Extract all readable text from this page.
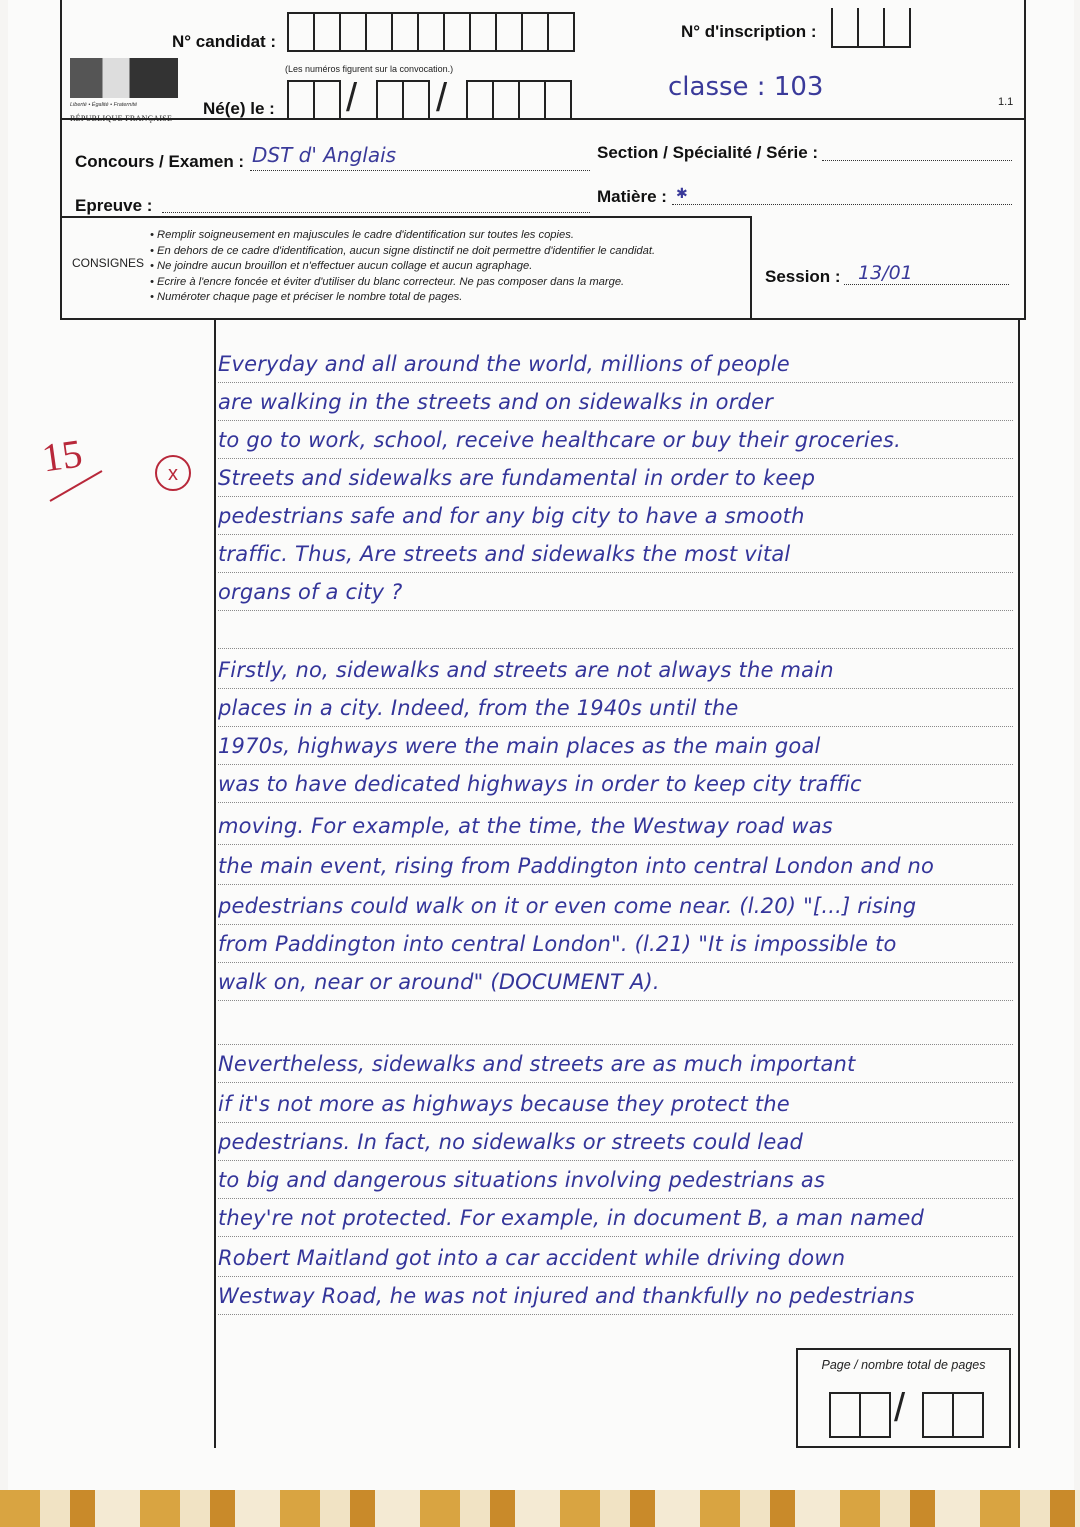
Liberté • Égalité • Fraternité
RÉPUBLIQUE FRANÇAISE
N° candidat :
(Les numéros figurent sur la convocation.)
Né(e) le : / /
N° d'inscription :
classe : 103	1.1
Concours / Examen : DST d' Anglais	Section / Spécialité / Série :
Epreuve :	Matière : ✱
CONSIGNES
• Remplir soigneusement en majuscules le cadre d'identification sur toutes les copies.
• En dehors de ce cadre d'identification, aucun signe distinctif ne doit permettre d'identifier le candidat.
• Ne joindre aucun brouillon et n'effectuer aucun collage et aucun agraphage.
• Ecrire à l'encre foncée et éviter d'utiliser du blanc correcteur. Ne pas composer dans la marge.
• Numéroter chaque page et préciser le nombre total de pages.
Session : 13/01
15	x
Everyday and all around the world, millions of people
are walking in the streets and on sidewalks in order
to go to work, school, receive healthcare or buy their groceries.
Streets and sidewalks are fundamental in order to keep
pedestrians safe and for any big city to have a smooth
traffic. Thus, Are streets and sidewalks the most vital
organs of a city ?
Firstly, no, sidewalks and streets are not always the main
places in a city. Indeed, from the 1940s until the
1970s, highways were the main places as the main goal
was to have dedicated highways in order to keep city traffic
moving. For example, at the time, the Westway road was
the main event, rising from Paddington into central London and no
pedestrians could walk on it or even come near. (l.20) "[...] rising
from Paddington into central London". (l.21) "It is impossible to
walk on, near or around" (DOCUMENT A).
Nevertheless, sidewalks and streets are as much important
if it's not more as highways because they protect the
pedestrians. In fact, no sidewalks or streets could lead
to big and dangerous situations involving pedestrians as
they're not protected. For example, in document B, a man named
Robert Maitland got into a car accident while driving down
Westway Road, he was not injured and thankfully no pedestrians
Page / nombre total de pages
/
